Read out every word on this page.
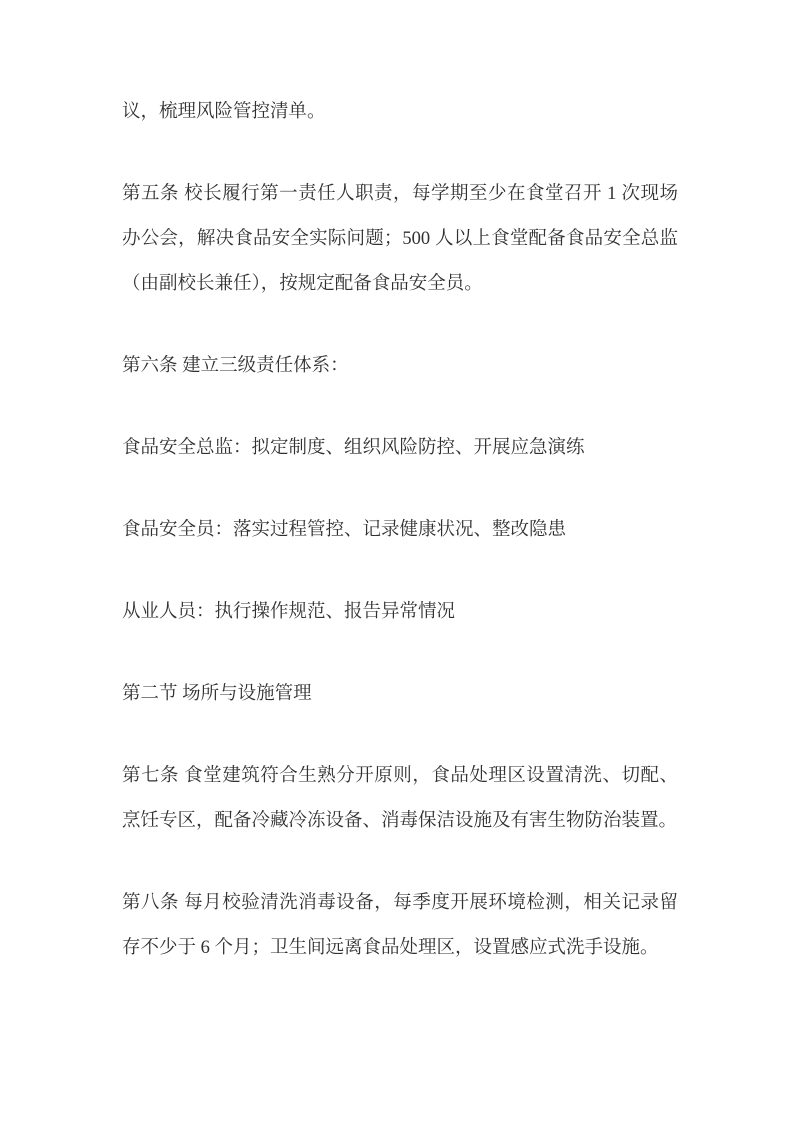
议，梳理风险管控清单。
第五条 校长履行第一责任人职责，每学期至少在食堂召开 1 次现场
办公会，解决食品安全实际问题；500 人以上食堂配备食品安全总监
（由副校长兼任），按规定配备食品安全员。
第六条 建立三级责任体系：
食品安全总监：拟定制度、组织风险防控、开展应急演练
食品安全员：落实过程管控、记录健康状况、整改隐患
从业人员：执行操作规范、报告异常情况
第二节 场所与设施管理
第七条 食堂建筑符合生熟分开原则，食品处理区设置清洗、切配、
烹饪专区，配备冷藏冷冻设备、消毒保洁设施及有害生物防治装置。
第八条 每月校验清洗消毒设备，每季度开展环境检测，相关记录留
存不少于 6 个月；卫生间远离食品处理区，设置感应式洗手设施。
